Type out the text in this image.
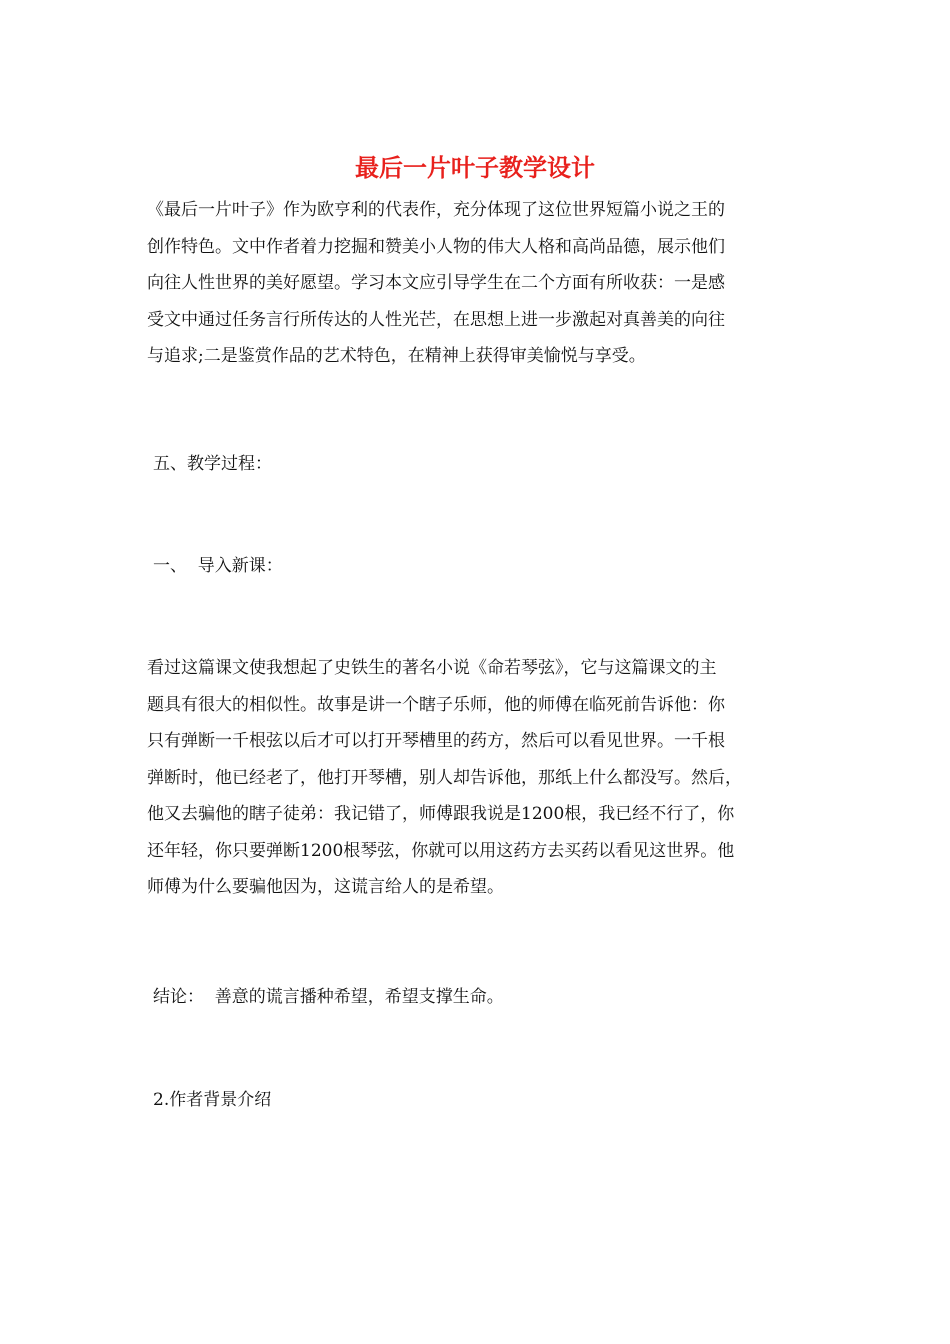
最后一片叶子教学设计

《最后一片叶子》作为欧亨利的代表作，充分体现了这位世界短篇小说之王的
创作特色。文中作者着力挖掘和赞美小人物的伟大人格和高尚品德，展示他们
向往人性世界的美好愿望。学习本文应引导学生在二个方面有所收获：一是感
受文中通过任务言行所传达的人性光芒，在思想上进一步激起对真善美的向往
与追求;二是鉴赏作品的艺术特色，在精神上获得审美愉悦与享受。

五、教学过程：

一、  导入新课：

看过这篇课文使我想起了史铁生的著名小说《命若琴弦》，它与这篇课文的主
题具有很大的相似性。故事是讲一个瞎子乐师，他的师傅在临死前告诉他：你
只有弹断一千根弦以后才可以打开琴槽里的药方，然后可以看见世界。一千根
弹断时，他已经老了，他打开琴槽，别人却告诉他，那纸上什么都没写。然后，
他又去骗他的瞎子徒弟：我记错了，师傅跟我说是1200根，我已经不行了，你
还年轻，你只要弹断1200根琴弦，你就可以用这药方去买药以看见这世界。他
师傅为什么要骗他因为，这谎言给人的是希望。

结论：  善意的谎言播种希望，希望支撑生命。

2.作者背景介绍
